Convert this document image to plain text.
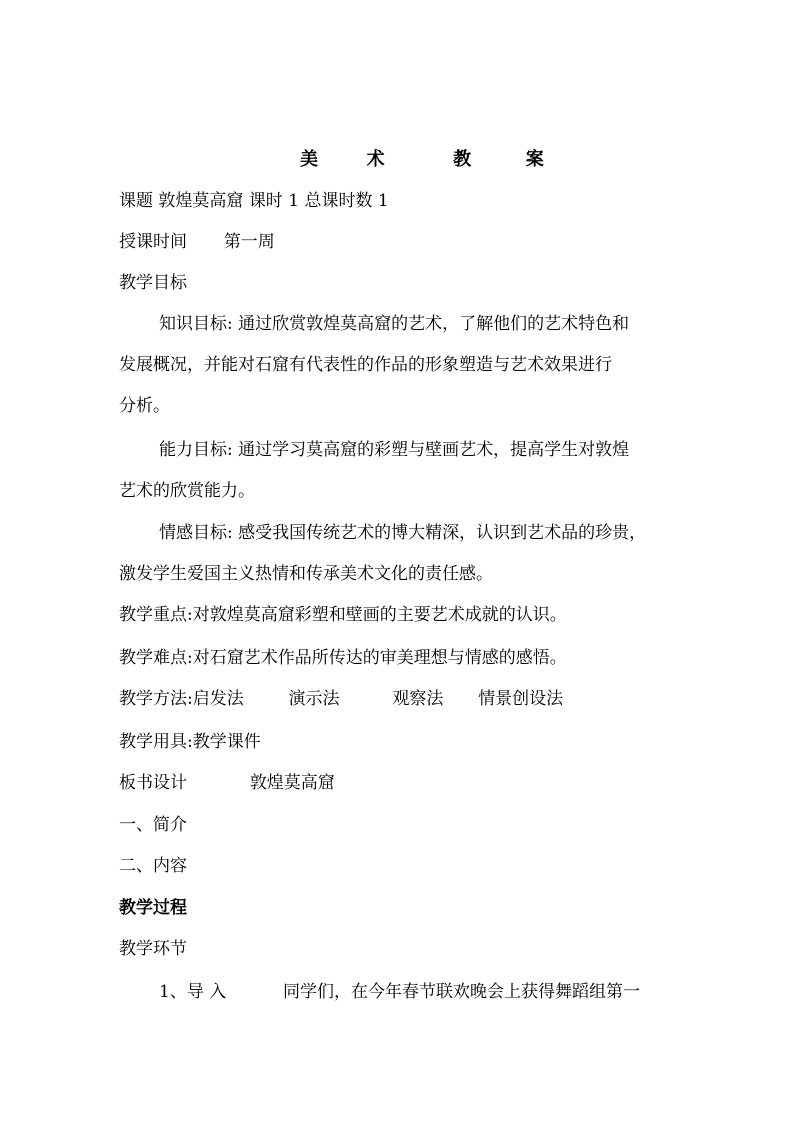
美	术	教	案
课题 敦煌莫高窟 课时 1 总课时数 1
授课时间 第一周
教学目标
知识目标: 通过欣赏敦煌莫高窟的艺术，了解他们的艺术特色和
发展概况，并能对石窟有代表性的作品的形象塑造与艺术效果进行
分析。
能力目标: 通过学习莫高窟的彩塑与壁画艺术，提高学生对敦煌
艺术的欣赏能力。
情感目标: 感受我国传统艺术的博大精深，认识到艺术品的珍贵，
激发学生爱国主义热情和传承美术文化的责任感。
教学重点:对敦煌莫高窟彩塑和壁画的主要艺术成就的认识。
教学难点:对石窟艺术作品所传达的审美理想与情感的感悟。
教学方法:启发法	演示法	观察法 情景创设法
教学用具:教学课件
板书设计	敦煌莫高窟
一、简介
二、内容
教学过程
教学环节
1、导 入	同学们，在今年春节联欢晚会上获得舞蹈组第一
